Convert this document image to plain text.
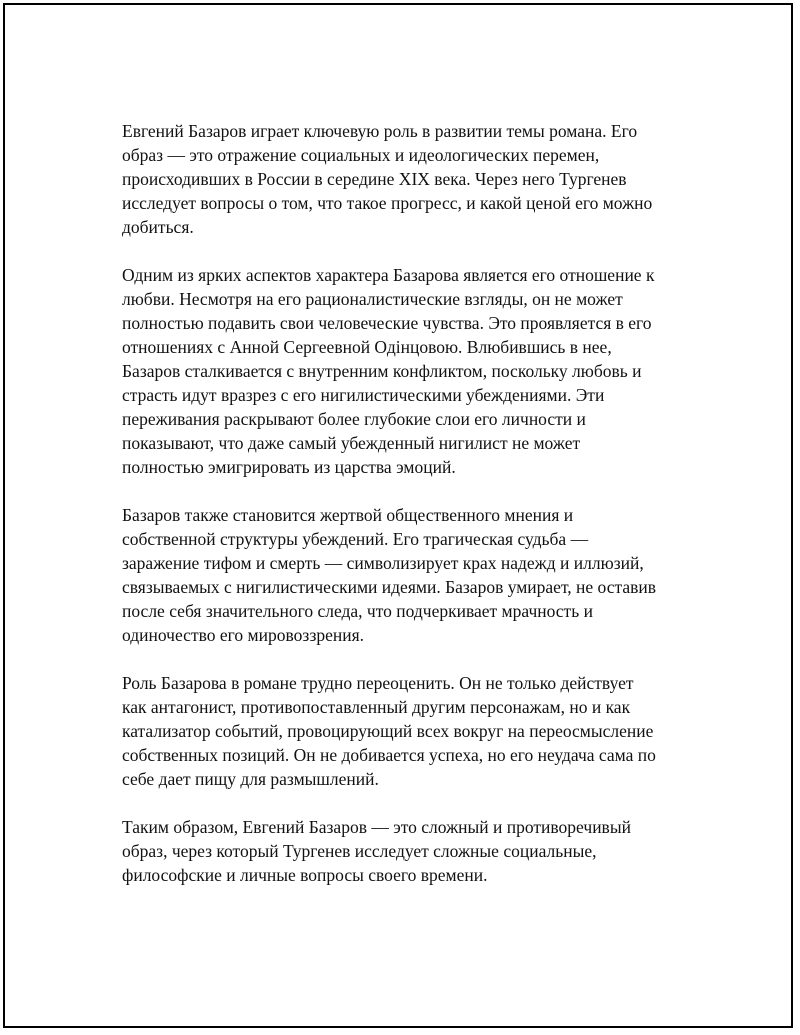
Евгений Базаров играет ключевую роль в развитии темы романа. Его
образ — это отражение социальных и идеологических перемен,
происходивших в России в середине XIX века. Через него Тургенев
исследует вопросы о том, что такое прогресс, и какой ценой его можно
добиться.

Одним из ярких аспектов характера Базарова является его отношение к
любви. Несмотря на его рационалистические взгляды, он не может
полностью подавить свои человеческие чувства. Это проявляется в его
отношениях с Анной Сергеевной Одінцовою. Влюбившись в нее,
Базаров сталкивается с внутренним конфликтом, поскольку любовь и
страсть идут вразрез с его нигилистическими убеждениями. Эти
переживания раскрывают более глубокие слои его личности и
показывают, что даже самый убежденный нигилист не может
полностью эмигрировать из царства эмоций.

Базаров также становится жертвой общественного мнения и
собственной структуры убеждений. Его трагическая судьба —
заражение тифом и смерть — символизирует крах надежд и иллюзий,
связываемых с нигилистическими идеями. Базаров умирает, не оставив
после себя значительного следа, что подчеркивает мрачность и
одиночество его мировоззрения.

Роль Базарова в романе трудно переоценить. Он не только действует
как антагонист, противопоставленный другим персонажам, но и как
катализатор событий, провоцирующий всех вокруг на переосмысление
собственных позиций. Он не добивается успеха, но его неудача сама по
себе дает пищу для размышлений.

Таким образом, Евгений Базаров — это сложный и противоречивый
образ, через который Тургенев исследует сложные социальные,
философские и личные вопросы своего времени.
